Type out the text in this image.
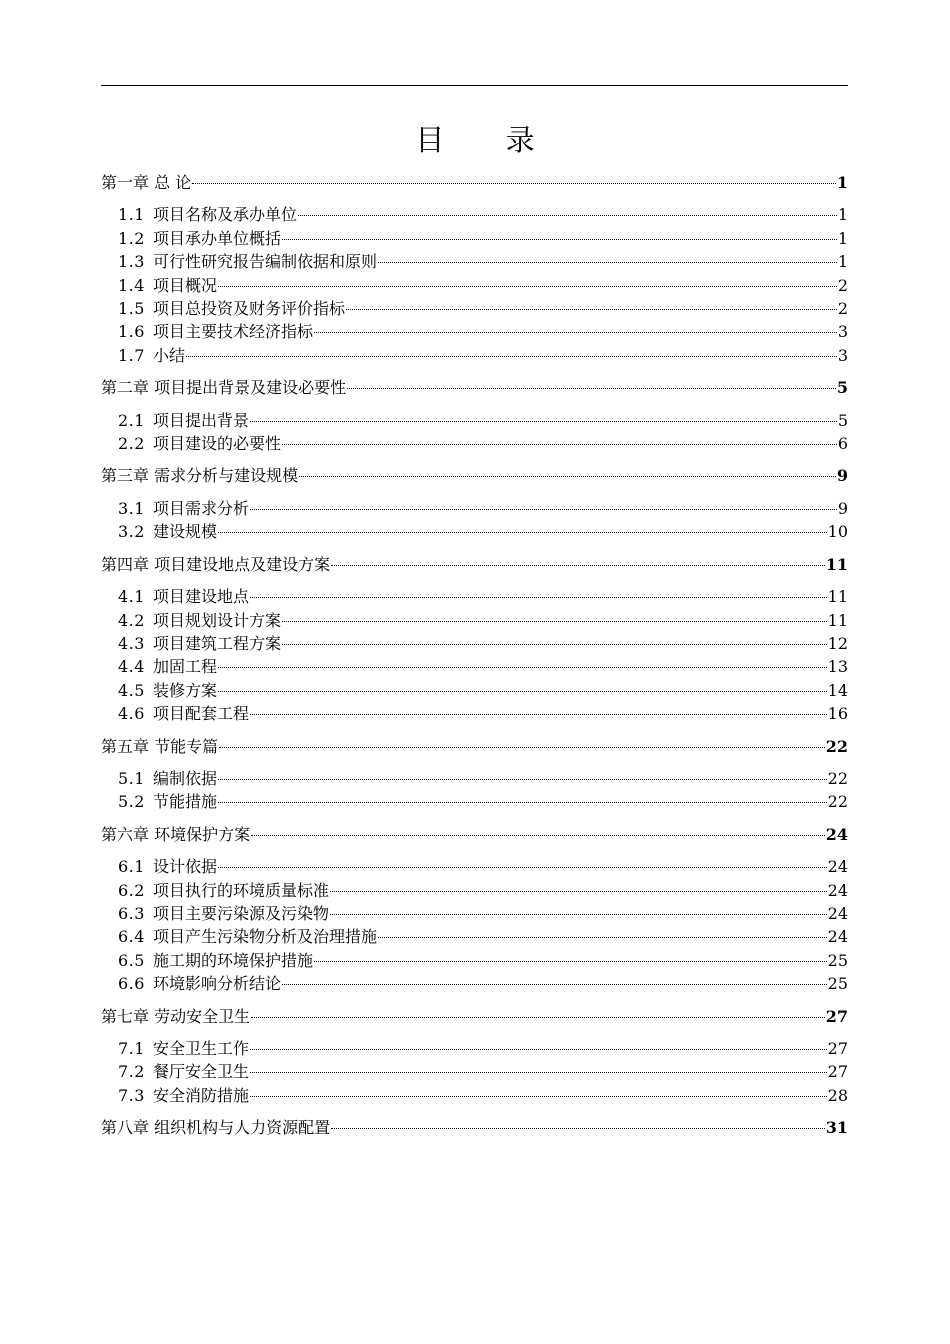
目 录
第一章 总 论	1
1.1 项目名称及承办单位	1
1.2 项目承办单位概括	1
1.3 可行性研究报告编制依据和原则	1
1.4 项目概况	2
1.5 项目总投资及财务评价指标	2
1.6 项目主要技术经济指标	3
1.7 小结	3
第二章 项目提出背景及建设必要性	5
2.1 项目提出背景	5
2.2 项目建设的必要性	6
第三章 需求分析与建设规模	9
3.1 项目需求分析	9
3.2 建设规模	10
第四章 项目建设地点及建设方案	11
4.1 项目建设地点	11
4.2 项目规划设计方案	11
4.3 项目建筑工程方案	12
4.4 加固工程	13
4.5 装修方案	14
4.6 项目配套工程	16
第五章 节能专篇	22
5.1 编制依据	22
5.2 节能措施	22
第六章 环境保护方案	24
6.1 设计依据	24
6.2 项目执行的环境质量标准	24
6.3 项目主要污染源及污染物	24
6.4 项目产生污染物分析及治理措施	24
6.5 施工期的环境保护措施	25
6.6 环境影响分析结论	25
第七章 劳动安全卫生	27
7.1 安全卫生工作	27
7.2 餐厅安全卫生	27
7.3 安全消防措施	28
第八章 组织机构与人力资源配置	31
